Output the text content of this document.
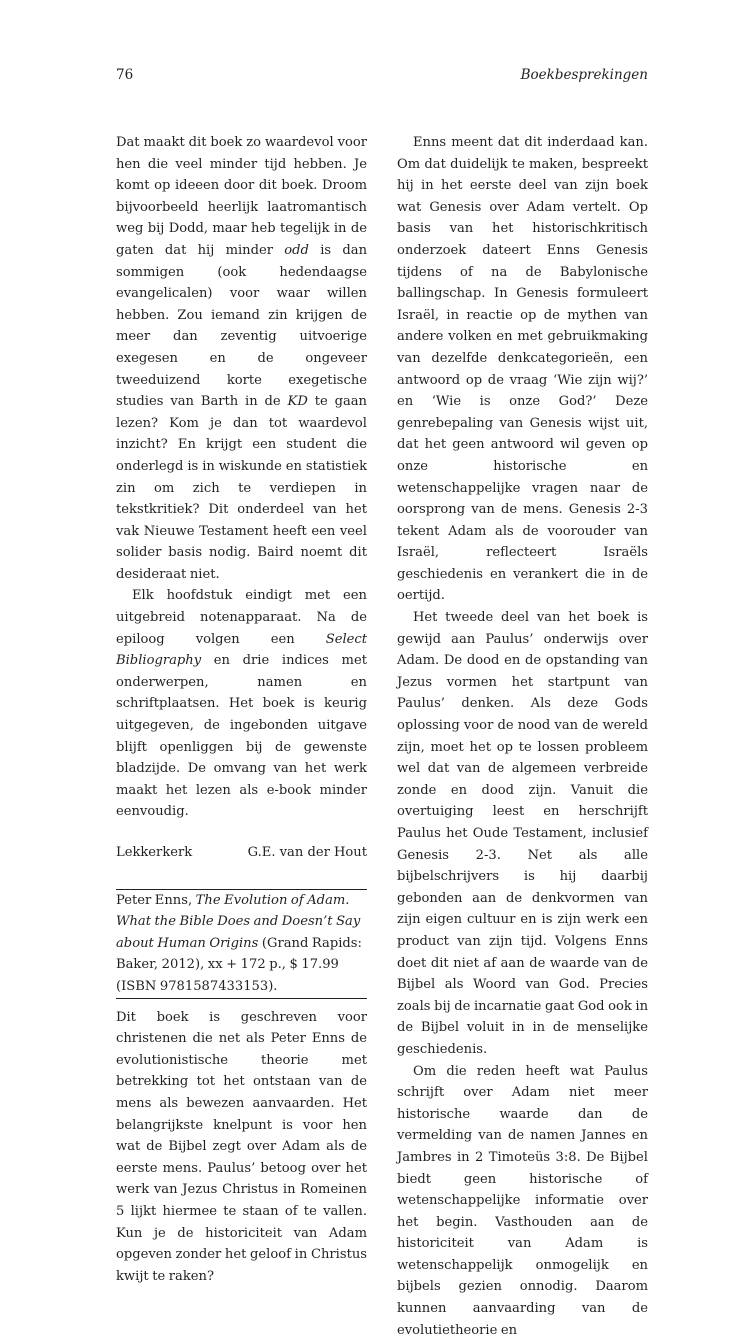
76	Boekbesprekingen

Dat maakt dit boek zo waardevol voor hen die veel minder tijd hebben. Je komt op ideeen door dit boek. Droom bijvoorbeeld heerlijk laatromantisch weg bij Dodd, maar heb tegelijk in de gaten dat hij minder odd is dan sommigen (ook hedendaagse evangelicalen) voor waar willen hebben. Zou iemand zin krijgen de meer dan zeventig uitvoerige exegesen en de ongeveer tweeduizend korte exegetische studies van Barth in de KD te gaan lezen? Kom je dan tot waardevol inzicht? En krijgt een student die onderlegd is in wiskunde en statistiek zin om zich te verdiepen in tekstkritiek? Dit onderdeel van het vak Nieuwe Testament heeft een veel solider basis nodig. Baird noemt dit desideraat niet.

Elk hoofdstuk eindigt met een uitgebreid notenapparaat. Na de epiloog volgen een Select Bibliography en drie indices met onderwerpen, namen en schriftplaatsen. Het boek is keurig uitgegeven, de ingebonden uitgave blijft openliggen bij de gewenste bladzijde. De omvang van het werk maakt het lezen als e-book minder eenvoudig.

Lekkerkerk	G.E. van der Hout

Peter Enns, The Evolution of Adam. What the Bible Does and Doesn’t Say about Human Origins (Grand Rapids: Baker, 2012), xx + 172 p., $ 17.99 (ISBN 9781587433153).

Dit boek is geschreven voor christenen die net als Peter Enns de evolutionistische theorie met betrekking tot het ontstaan van de mens als bewezen aanvaarden. Het belangrijkste knelpunt is voor hen wat de Bijbel zegt over Adam als de eerste mens. Paulus’ betoog over het werk van Jezus Christus in Romeinen 5 lijkt hiermee te staan of te vallen. Kun je de historiciteit van Adam opgeven zonder het geloof in Christus kwijt te raken?

Enns meent dat dit inderdaad kan. Om dat duidelijk te maken, bespreekt hij in het eerste deel van zijn boek wat Genesis over Adam vertelt. Op basis van het historischkritisch onderzoek dateert Enns Genesis tijdens of na de Babylonische ballingschap. In Genesis formuleert Israël, in reactie op de mythen van andere volken en met gebruikmaking van dezelfde denkcategorieën, een antwoord op de vraag ‘Wie zijn wij?’ en ‘Wie is onze God?’ Deze genrebepaling van Genesis wijst uit, dat het geen antwoord wil geven op onze historische en wetenschappelijke vragen naar de oorsprong van de mens. Genesis 2-3 tekent Adam als de voorouder van Israël, reflecteert Israëls geschiedenis en verankert die in de oertijd.

Het tweede deel van het boek is gewijd aan Paulus’ onderwijs over Adam. De dood en de opstanding van Jezus vormen het startpunt van Paulus’ denken. Als deze Gods oplossing voor de nood van de wereld zijn, moet het op te lossen probleem wel dat van de algemeen verbreide zonde en dood zijn. Vanuit die overtuiging leest en herschrijft Paulus het Oude Testament, inclusief Genesis 2-3. Net als alle bijbelschrijvers is hij daarbij gebonden aan de denkvormen van zijn eigen cultuur en is zijn werk een product van zijn tijd. Volgens Enns doet dit niet af aan de waarde van de Bijbel als Woord van God. Precies zoals bij de incarnatie gaat God ook in de Bijbel voluit in in de menselijke geschiedenis.

Om die reden heeft wat Paulus schrijft over Adam niet meer historische waarde dan de vermelding van de namen Jannes en Jambres in 2 Timoteüs 3:8. De Bijbel biedt geen historische of wetenschappelijke informatie over het begin. Vasthouden aan de historiciteit van Adam is wetenschappelijk onmogelijk en bijbels gezien onnodig. Daarom kunnen aanvaarding van de evolutietheorie en
